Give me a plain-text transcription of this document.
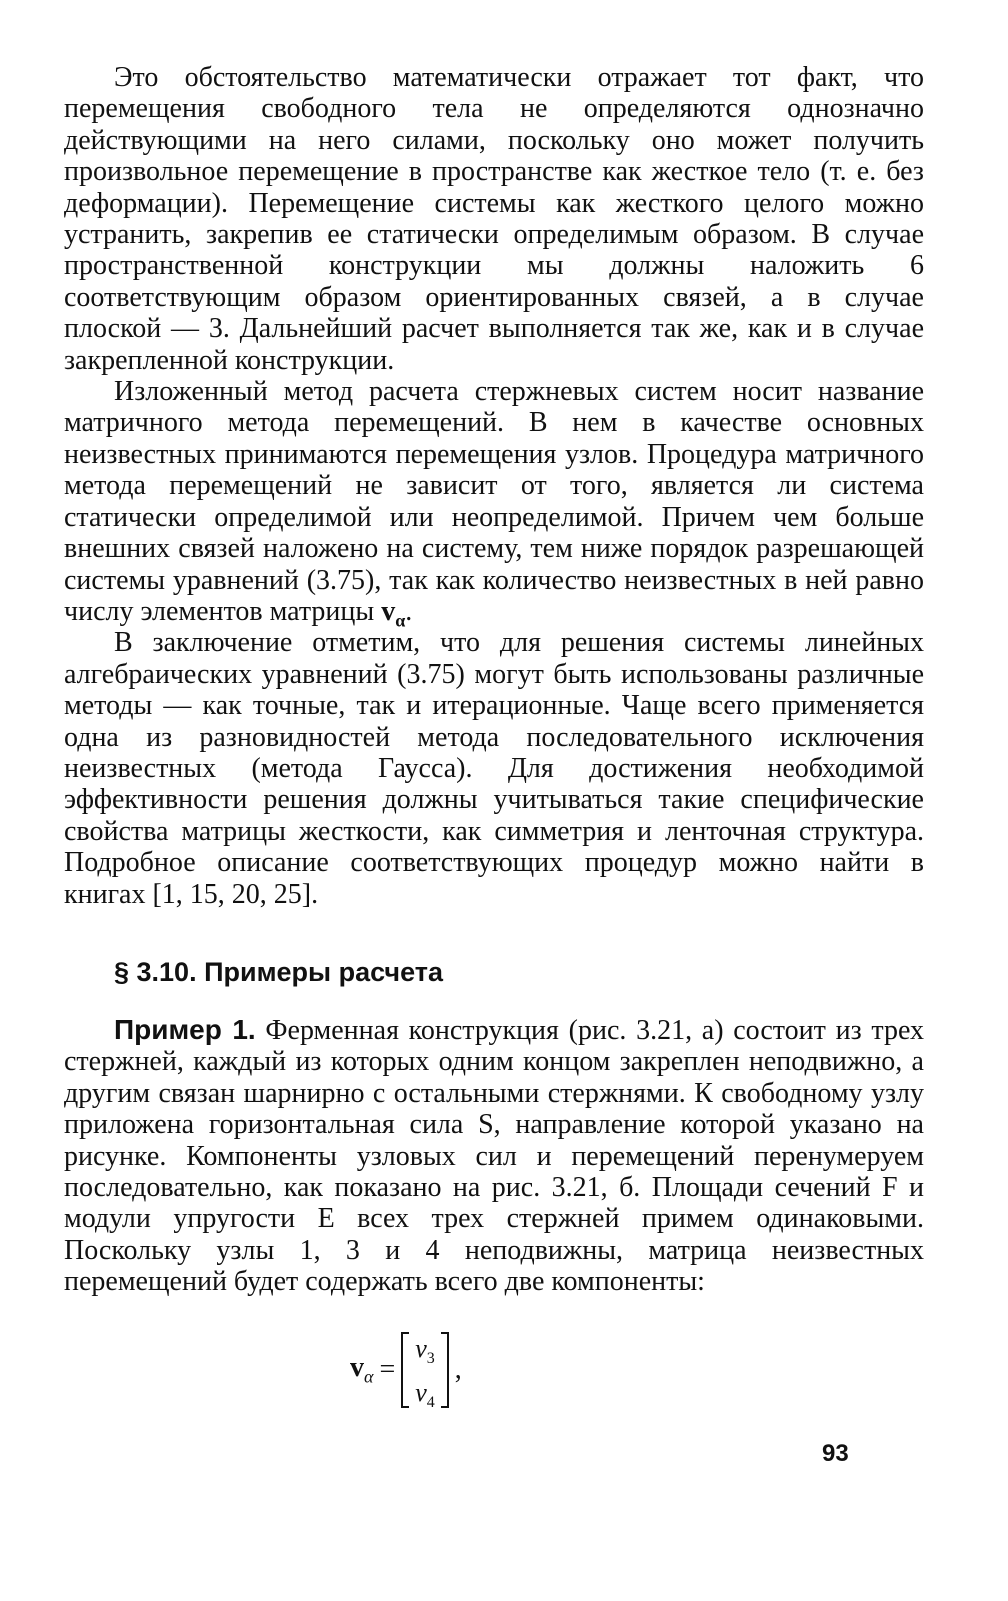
Это обстоятельство математически отражает тот факт, что перемещения свободного тела не определяются однозначно действующими на него силами, поскольку оно может получить произвольное перемещение в пространстве как жесткое тело (т. е. без деформации). Перемещение системы как жесткого целого можно устранить, закрепив ее статически определимым образом. В случае пространственной конструкции мы должны наложить 6 соответствующим образом ориентированных связей, а в случае плоской — 3. Дальнейший расчет выполняется так же, как и в случае закрепленной конструкции.

Изложенный метод расчета стержневых систем носит название матричного метода перемещений. В нем в качестве основных неизвестных принимаются перемещения узлов. Процедура матричного метода перемещений не зависит от того, является ли система статически определимой или неопределимой. Причем чем больше внешних связей наложено на систему, тем ниже порядок разрешающей системы уравнений (3.75), так как количество неизвестных в ней равно числу элементов матрицы $v_\alpha$.

В заключение отметим, что для решения системы линейных алгебраических уравнений (3.75) могут быть использованы различные методы — как точные, так и итерационные. Чаще всего применяется одна из разновидностей метода последовательного исключения неизвестных (метода Гаусса). Для достижения необходимой эффективности решения должны учитываться такие специфические свойства матрицы жесткости, как симметрия и ленточная структура. Подробное описание соответствующих процедур можно найти в книгах [1, 15, 20, 25].

§ 3.10. Примеры расчета

Пример 1. Ферменная конструкция (рис. 3.21, а) состоит из трех стержней, каждый из которых одним концом закреплен неподвижно, а другим связан шарнирно с остальными стержнями. К свободному узлу приложена горизонтальная сила S, направление которой указано на рисунке. Компоненты узловых сил и перемещений перенумеруем последовательно, как показано на рис. 3.21, б. Площади сечений F и модули упругости E всех трех стержней примем одинаковыми. Поскольку узлы 1, 3 и 4 неподвижны, матрица неизвестных перемещений будет содержать всего две компоненты:

$v_\alpha$ =
$v_3$
$v_4$
,
93
